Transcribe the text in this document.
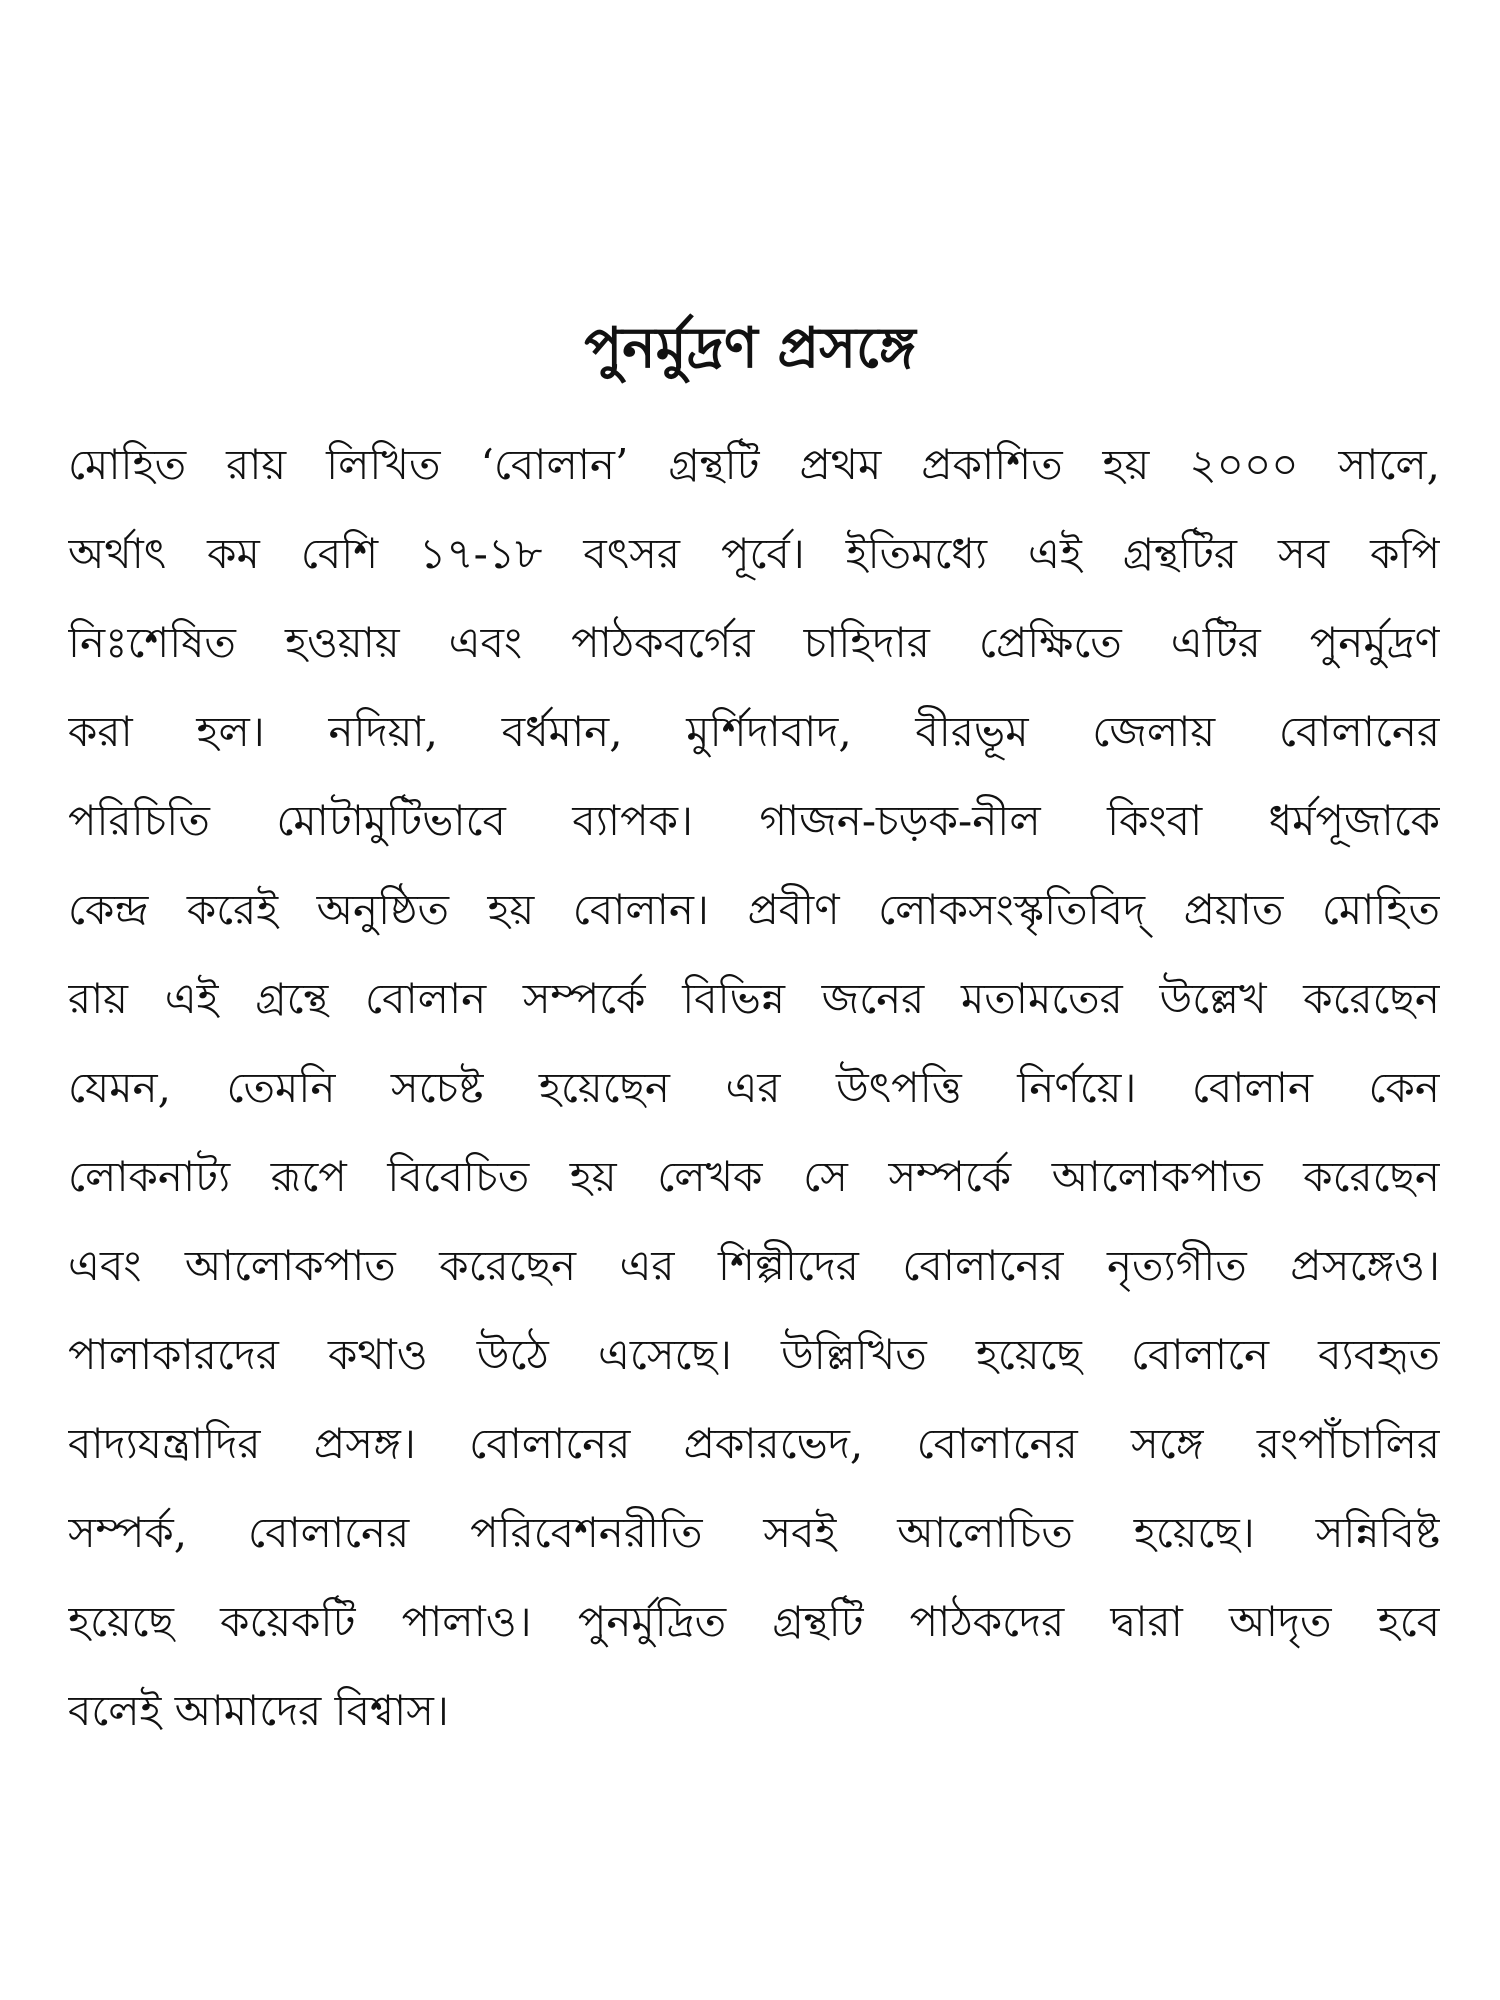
পুনর্মুদ্রণ প্রসঙ্গে
মোহিত রায় লিখিত ‘বোলান’ গ্রন্থটি প্রথম প্রকাশিত হয় ২০০০ সালে,
অর্থাৎ কম বেশি ১৭-১৮ বৎসর পূর্বে। ইতিমধ্যে এই গ্রন্থটির সব কপি
নিঃশেষিত হওয়ায় এবং পাঠকবর্গের চাহিদার প্রেক্ষিতে এটির পুনর্মুদ্রণ
করা হল। নদিয়া, বর্ধমান, মুর্শিদাবাদ, বীরভূম জেলায় বোলানের
পরিচিতি মোটামুটিভাবে ব্যাপক। গাজন-চড়ক-নীল কিংবা ধর্মপূজাকে
কেন্দ্র করেই অনুষ্ঠিত হয় বোলান। প্রবীণ লোকসংস্কৃতিবিদ্ প্রয়াত মোহিত
রায় এই গ্রন্থে বোলান সম্পর্কে বিভিন্ন জনের মতামতের উল্লেখ করেছেন
যেমন, তেমনি সচেষ্ট হয়েছেন এর উৎপত্তি নির্ণয়ে। বোলান কেন
লোকনাট্য রূপে বিবেচিত হয় লেখক সে সম্পর্কে আলোকপাত করেছেন
এবং আলোকপাত করেছেন এর শিল্পীদের বোলানের নৃত্যগীত প্রসঙ্গেও।
পালাকারদের কথাও উঠে এসেছে। উল্লিখিত হয়েছে বোলানে ব্যবহৃত
বাদ্যযন্ত্রাদির প্রসঙ্গ। বোলানের প্রকারভেদ, বোলানের সঙ্গে রংপাঁচালির
সম্পর্ক, বোলানের পরিবেশনরীতি সবই আলোচিত হয়েছে। সন্নিবিষ্ট
হয়েছে কয়েকটি পালাও। পুনর্মুদ্রিত গ্রন্থটি পাঠকদের দ্বারা আদৃত হবে
বলেই আমাদের বিশ্বাস।
